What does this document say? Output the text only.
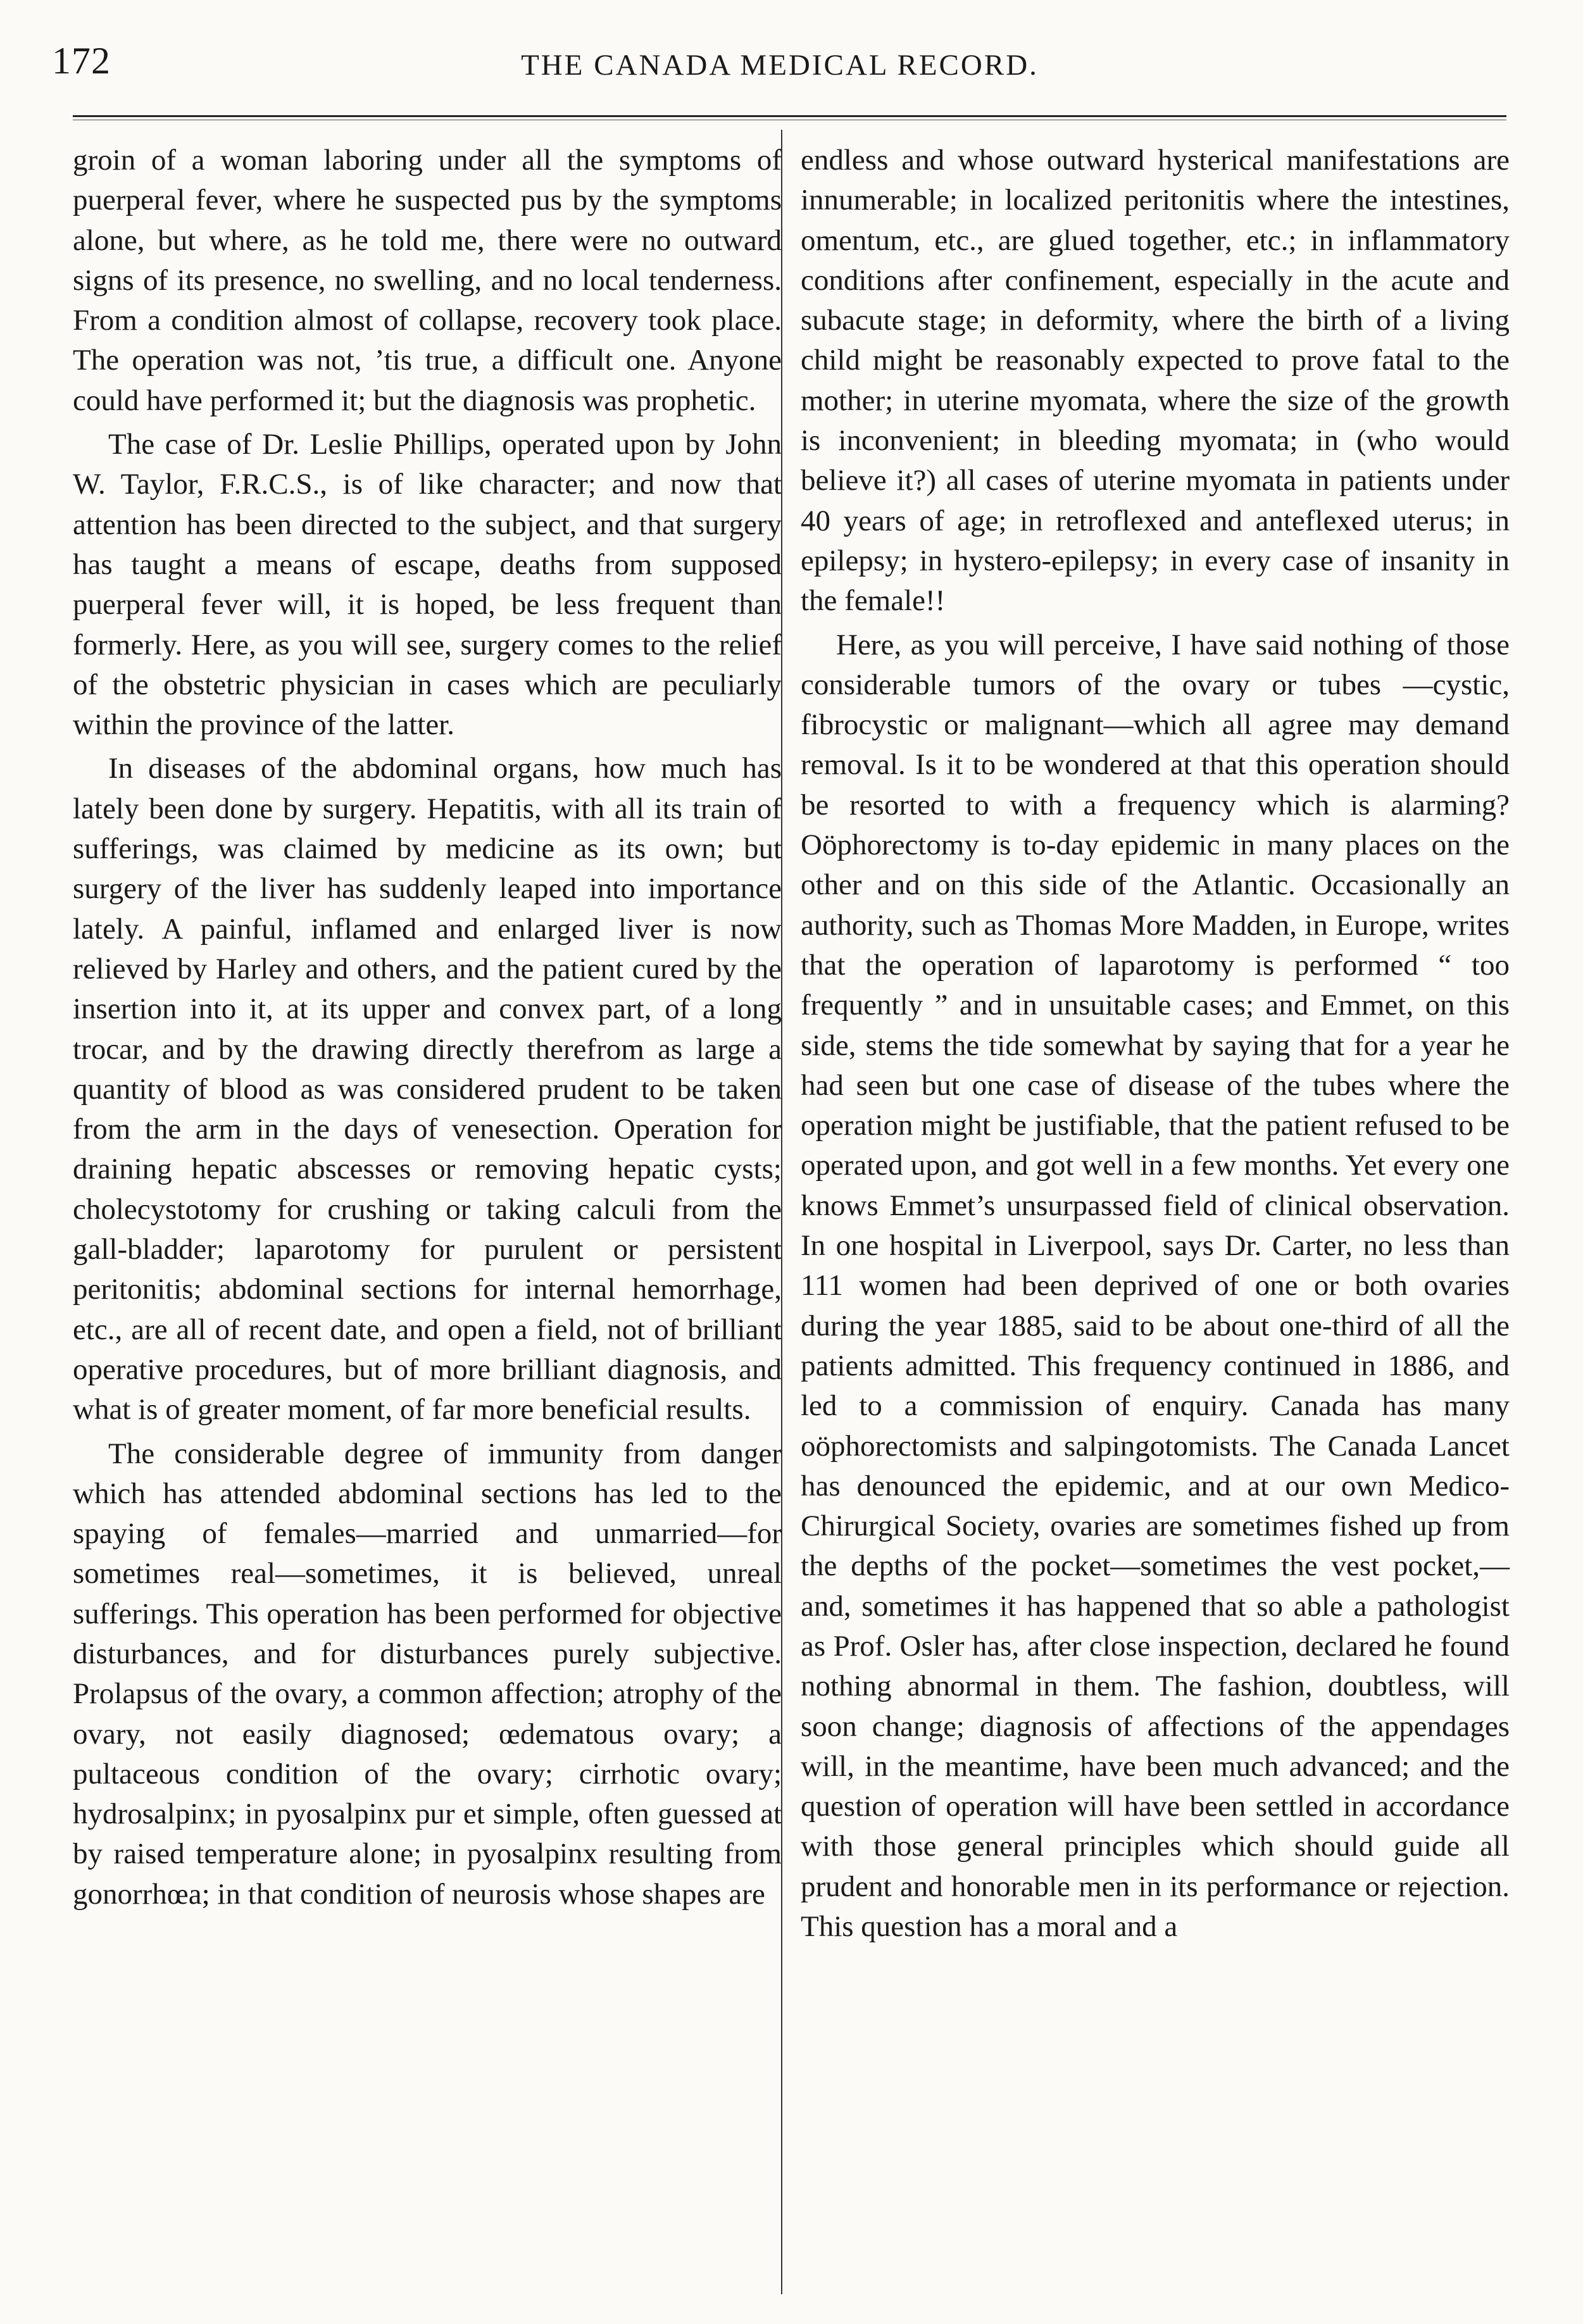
172	THE CANADA MEDICAL RECORD.

groin of a woman laboring under all the symptoms of puerperal fever, where he suspected pus by the symptoms alone, but where, as he told me, there were no outward signs of its presence, no swelling, and no local tenderness. From a condition almost of collapse, recovery took place. The operation was not, ’tis true, a difficult one. Anyone could have performed it; but the diagnosis was prophetic.

The case of Dr. Leslie Phillips, operated upon by John W. Taylor, F.R.C.S., is of like character; and now that attention has been directed to the subject, and that surgery has taught a means of escape, deaths from supposed puerperal fever will, it is hoped, be less frequent than formerly. Here, as you will see, surgery comes to the relief of the obstetric physician in cases which are peculiarly within the province of the latter.

In diseases of the abdominal organs, how much has lately been done by surgery. Hepatitis, with all its train of sufferings, was claimed by medicine as its own; but surgery of the liver has suddenly leaped into importance lately. A painful, inflamed and enlarged liver is now relieved by Harley and others, and the patient cured by the insertion into it, at its upper and convex part, of a long trocar, and by the drawing directly therefrom as large a quantity of blood as was considered prudent to be taken from the arm in the days of venesection. Operation for draining hepatic abscesses or removing hepatic cysts; cholecystotomy for crushing or taking calculi from the gall-bladder; laparotomy for purulent or persistent peritonitis; abdominal sections for internal hemorrhage, etc., are all of recent date, and open a field, not of brilliant operative procedures, but of more brilliant diagnosis, and what is of greater moment, of far more beneficial results.

The considerable degree of immunity from danger which has attended abdominal sections has led to the spaying of females—married and unmarried—for sometimes real—sometimes, it is believed, unreal sufferings. This operation has been performed for objective disturbances, and for disturbances purely subjective. Prolapsus of the ovary, a common affection; atrophy of the ovary, not easily diagnosed; œdematous ovary; a pultaceous condition of the ovary; cirrhotic ovary; hydrosalpinx; in pyosalpinx pur et simple, often guessed at by raised temperature alone; in pyosalpinx resulting from gonorrhœa; in that condition of neurosis whose shapes are

endless and whose outward hysterical manifestations are innumerable; in localized peritonitis where the intestines, omentum, etc., are glued together, etc.; in inflammatory conditions after confinement, especially in the acute and subacute stage; in deformity, where the birth of a living child might be reasonably expected to prove fatal to the mother; in uterine myomata, where the size of the growth is inconvenient; in bleeding myomata; in (who would believe it?) all cases of uterine myomata in patients under 40 years of age; in retroflexed and anteflexed uterus; in epilepsy; in hystero-epilepsy; in every case of insanity in the female!!

Here, as you will perceive, I have said nothing of those considerable tumors of the ovary or tubes —cystic, fibrocystic or malignant—which all agree may demand removal. Is it to be wondered at that this operation should be resorted to with a frequency which is alarming? Oöphorectomy is to-day epidemic in many places on the other and on this side of the Atlantic. Occasionally an authority, such as Thomas More Madden, in Europe, writes that the operation of laparotomy is performed “ too frequently ” and in unsuitable cases; and Emmet, on this side, stems the tide somewhat by saying that for a year he had seen but one case of disease of the tubes where the operation might be justifiable, that the patient refused to be operated upon, and got well in a few months. Yet every one knows Emmet’s unsurpassed field of clinical observation. In one hospital in Liverpool, says Dr. Carter, no less than 111 women had been deprived of one or both ovaries during the year 1885, said to be about one-third of all the patients admitted. This frequency continued in 1886, and led to a commission of enquiry. Canada has many oöphorectomists and salpingotomists. The Canada Lancet has denounced the epidemic, and at our own Medico-Chirurgical Society, ovaries are sometimes fished up from the depths of the pocket—sometimes the vest pocket,—and, sometimes it has happened that so able a pathologist as Prof. Osler has, after close inspection, declared he found nothing abnormal in them. The fashion, doubtless, will soon change; diagnosis of affections of the appendages will, in the meantime, have been much advanced; and the question of operation will have been settled in accordance with those general principles which should guide all prudent and honorable men in its performance or rejection. This question has a moral and a
